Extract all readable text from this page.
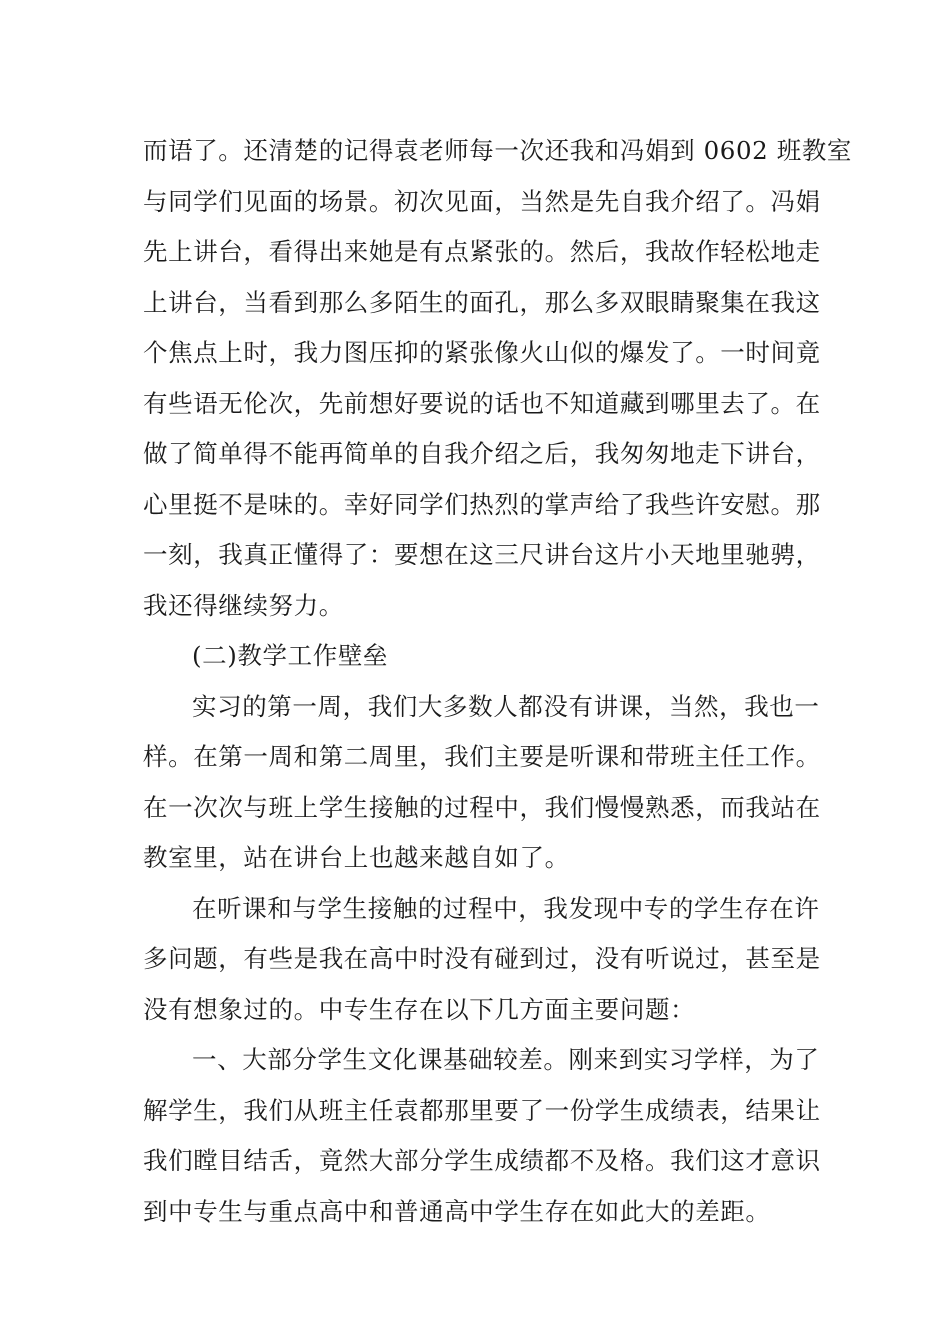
而语了。还清楚的记得袁老师每一次还我和冯娟到 0602 班教室
与同学们见面的场景。初次见面，当然是先自我介绍了。冯娟
先上讲台，看得出来她是有点紧张的。然后，我故作轻松地走
上讲台，当看到那么多陌生的面孔，那么多双眼睛聚集在我这
个焦点上时，我力图压抑的紧张像火山似的爆发了。一时间竟
有些语无伦次，先前想好要说的话也不知道藏到哪里去了。在
做了简单得不能再简单的自我介绍之后，我匆匆地走下讲台，
心里挺不是味的。幸好同学们热烈的掌声给了我些许安慰。那
一刻，我真正懂得了：要想在这三尺讲台这片小天地里驰骋，
我还得继续努力。
(二)教学工作壁垒
实习的第一周，我们大多数人都没有讲课，当然，我也一
样。在第一周和第二周里，我们主要是听课和带班主任工作。
在一次次与班上学生接触的过程中，我们慢慢熟悉，而我站在
教室里，站在讲台上也越来越自如了。
在听课和与学生接触的过程中，我发现中专的学生存在许
多问题，有些是我在高中时没有碰到过，没有听说过，甚至是
没有想象过的。中专生存在以下几方面主要问题：
一、大部分学生文化课基础较差。刚来到实习学样，为了
解学生，我们从班主任袁都那里要了一份学生成绩表，结果让
我们瞠目结舌，竟然大部分学生成绩都不及格。我们这才意识
到中专生与重点高中和普通高中学生存在如此大的差距。
